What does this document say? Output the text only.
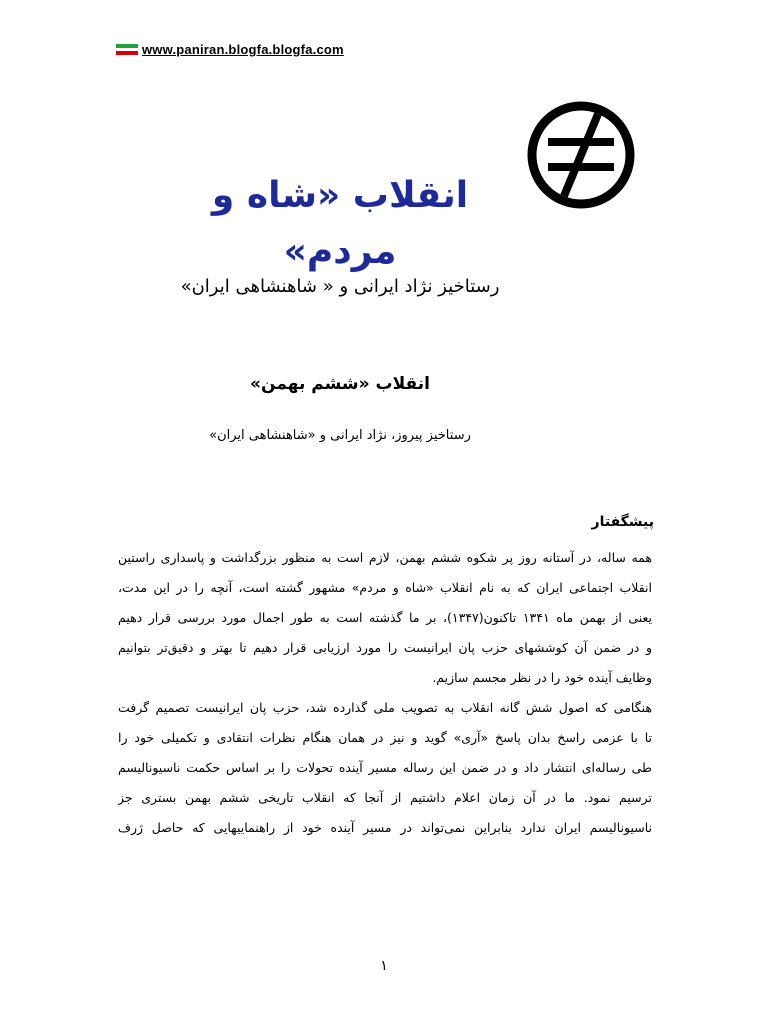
www.paniran.blogfa.blogfa.com
انقلاب «شاه و مردم»
رستاخیز نژاد ایرانی و « شاهنشاهی ایران»
انقلاب «ششم بهمن»
رستاخیز پیروز، نژاد ایرانی و «شاهنشاهی ایران»
پیشگفتار

همه ساله، در آستانه روز پر شکوه ششم بهمن، لازم است به منظور بزرگداشت و پاسداری راستین
انقلاب اجتماعی ایران که به نام انقلاب «شاه و مردم» مشهور گشته است، آنچه را در این مدت،
یعنی از بهمن ماه ۱۳۴۱ تاکنون(۱۳۴۷)، بر ما گذشته است به طور اجمال مورد بررسی قرار دهیم
و در ضمن آن کوششهای حزب پان ایرانیست را مورد ارزیابی قرار دهیم تا بهتر و دقیق‌تر بتوانیم
وظایف آینده خود را در نظر مجسم سازیم.

هنگامی که اصول شش گانه انقلاب به تصویب ملی گذارده شد، حزب پان ایرانیست تصمیم گرفت
تا با عزمی راسخ بدان پاسخ «آری» گوید و نیز در همان هنگام نظرات انتقادی و تکمیلی خود را
طی رساله‌ای انتشار داد و در ضمن این رساله مسیر آینده تحولات را بر اساس حکمت ناسیونالیسم
ترسیم نمود. ما در آن زمان اعلام داشتیم از آنجا که انقلاب تاریخی ششم بهمن بستری جز
ناسیونالیسم ایران ندارد بنابراین نمی‌تواند در مسیر آینده خود از راهنماییهایی که حاصل ژرف

۱
